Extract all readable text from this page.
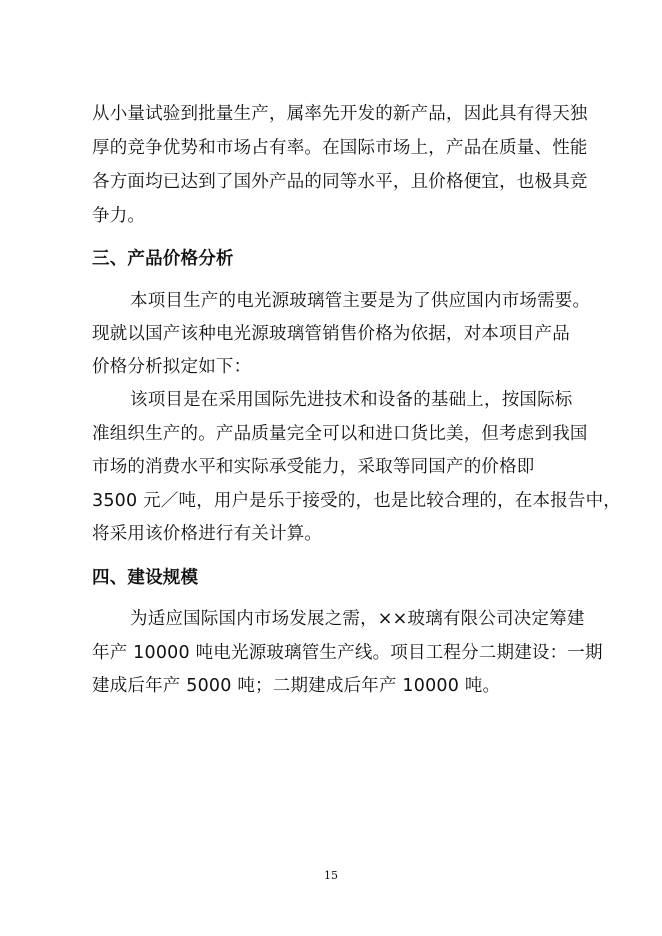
从小量试验到批量生产，属率先开发的新产品，因此具有得天独
厚的竞争优势和市场占有率。在国际市场上，产品在质量、性能
各方面均已达到了国外产品的同等水平，且价格便宜，也极具竞
争力。
三、产品价格分析
本项目生产的电光源玻璃管主要是为了供应国内市场需要。
现就以国产该种电光源玻璃管销售价格为依据，对本项目产品
价格分析拟定如下：
该项目是在采用国际先进技术和设备的基础上，按国际标
准组织生产的。产品质量完全可以和进口货比美，但考虑到我国
市场的消费水平和实际承受能力，采取等同国产的价格即
3500 元／吨，用户是乐于接受的，也是比较合理的，在本报告中，
将采用该价格进行有关计算。
四、建设规模
为适应国际国内市场发展之需，××玻璃有限公司决定筹建
年产 10000 吨电光源玻璃管生产线。项目工程分二期建设：一期
建成后年产 5000 吨；二期建成后年产 10000 吨。
15
